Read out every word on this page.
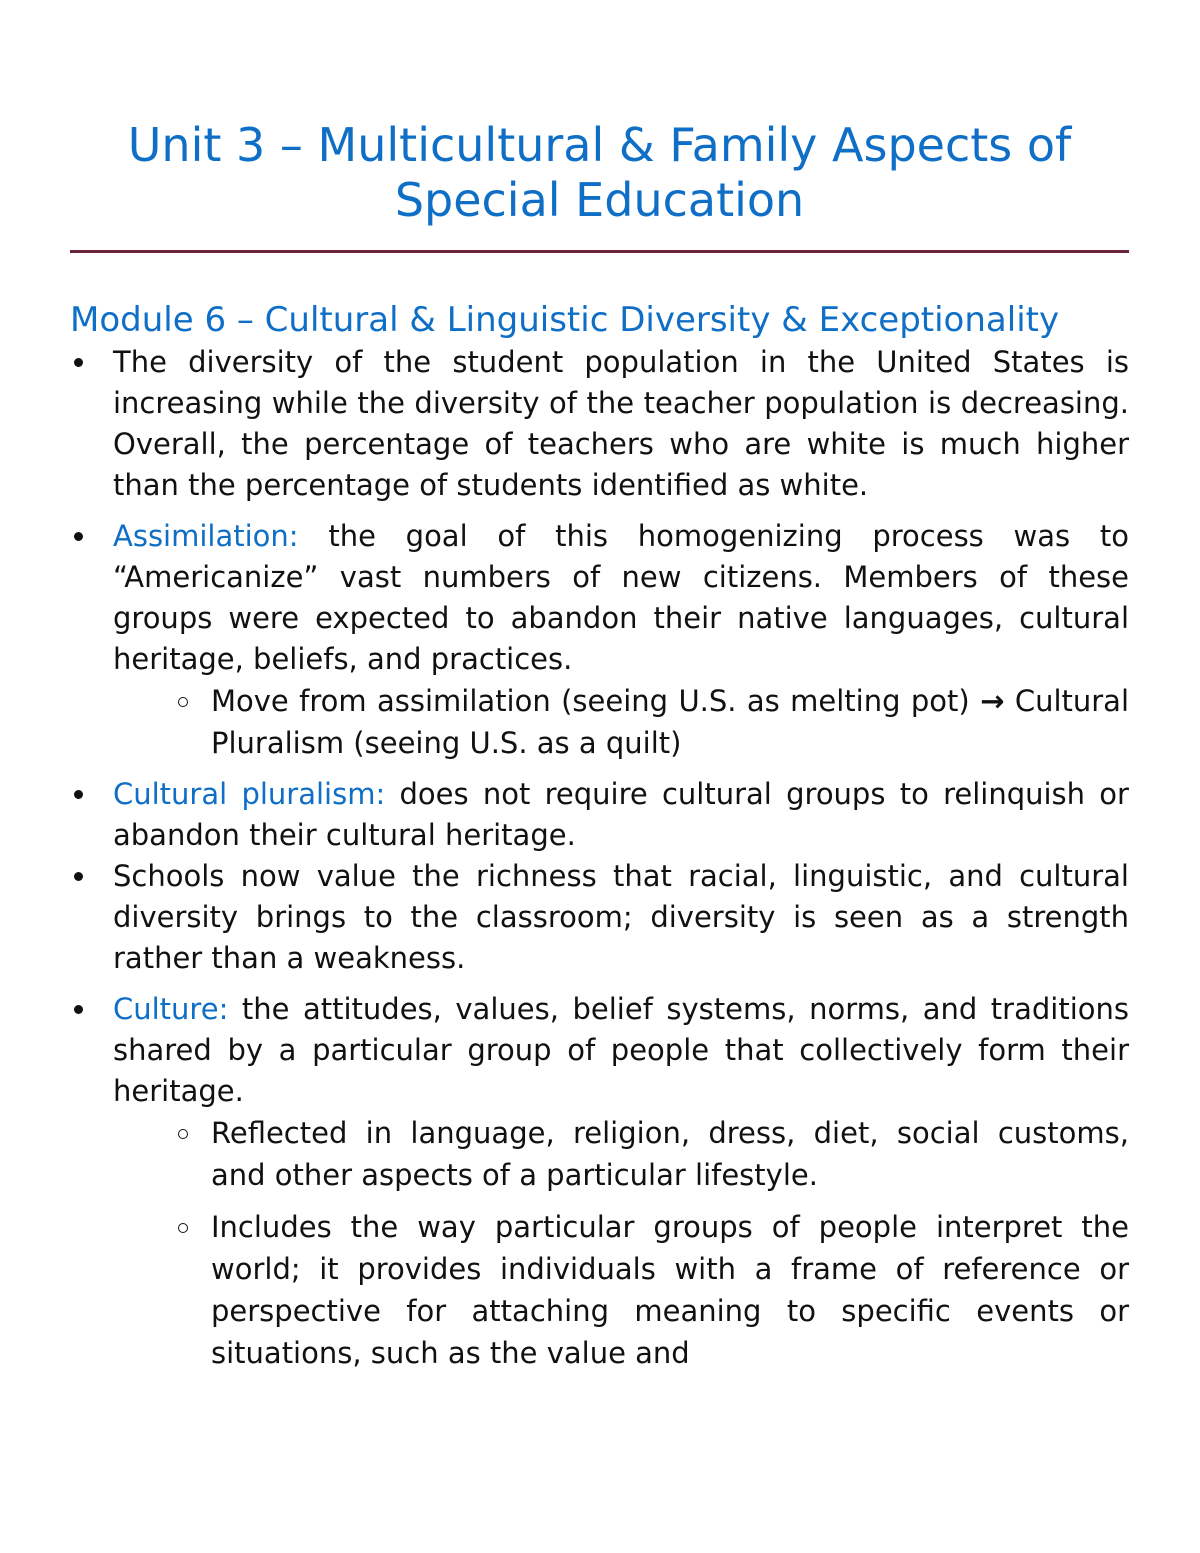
Unit 3 – Multicultural & Family Aspects of
Special Education
Module 6 – Cultural & Linguistic Diversity & Exceptionality
The diversity of the student population in the United States is increasing while the diversity of the teacher population is decreasing. Overall, the percentage of teachers who are white is much higher than the percentage of students identified as white.
Assimilation: the goal of this homogenizing process was to “Americanize” vast numbers of new citizens. Members of these groups were expected to abandon their native languages, cultural heritage, beliefs, and practices.
Move from assimilation (seeing U.S. as melting pot) → Cultural Pluralism (seeing U.S. as a quilt)
Cultural pluralism: does not require cultural groups to relinquish or abandon their cultural heritage.
Schools now value the richness that racial, linguistic, and cultural diversity brings to the classroom; diversity is seen as a strength rather than a weakness.
Culture: the attitudes, values, belief systems, norms, and traditions shared by a particular group of people that collectively form their heritage.
Reflected in language, religion, dress, diet, social customs, and other aspects of a particular lifestyle.
Includes the way particular groups of people interpret the world; it provides individuals with a frame of reference or perspective for attaching meaning to specific events or situations, such as the value and
